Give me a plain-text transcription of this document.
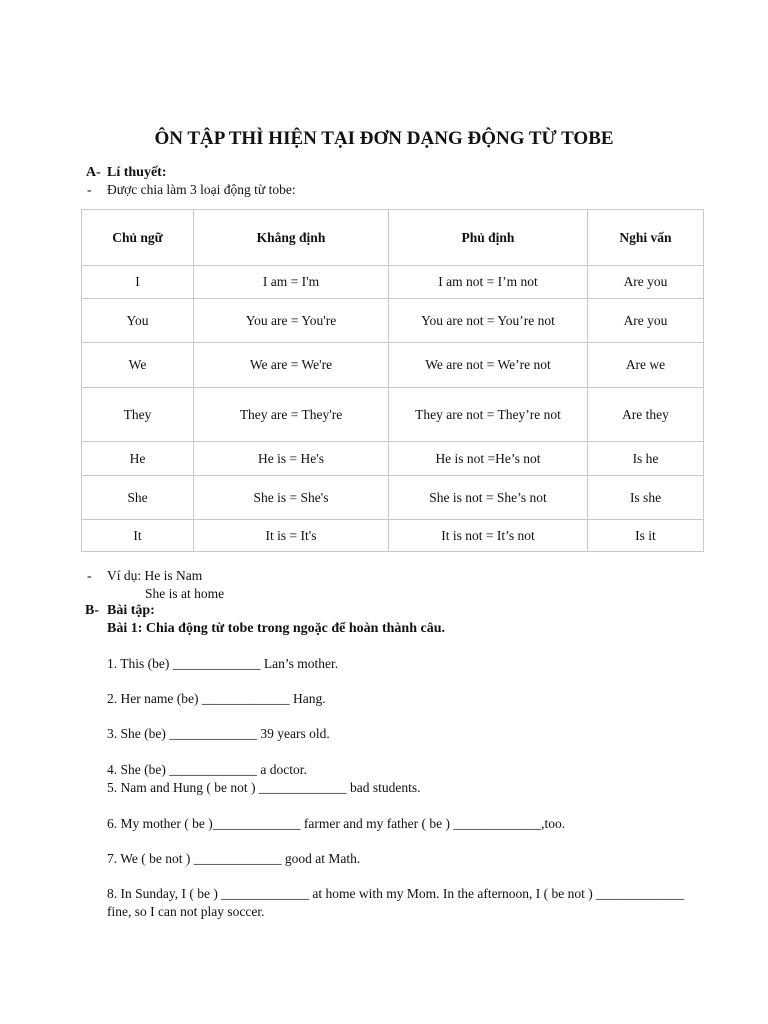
ÔN TẬP THÌ HIỆN TẠI ĐƠN DẠNG ĐỘNG TỪ TOBE
A- Lí thuyết:
- Được chia làm 3 loại động từ tobe:
Chủ ngữ	Khẳng định	Phủ định	Nghi vấn
I	I am = I'm	I am not = I’m not	Are you
You	You are = You're	You are not = You’re not	Are you
We	We are = We're	We are not = We’re not	Are we
They	They are = They're	They are not = They’re not	Are they
He	He is = He's	He is not =He’s not	Is he
She	She is = She's	She is not = She’s not	Is she
It	It is = It's	It is not = It’s not	Is it
- Ví dụ: He is Nam
She is at home
B- Bài tập:
Bài 1: Chia động từ tobe trong ngoặc để hoàn thành câu.
1. This (be) _____________ Lan’s mother.
2. Her name (be) _____________ Hang.
3. She (be) _____________ 39 years old.
4. She (be) _____________ a doctor.
5. Nam and Hung ( be not ) _____________ bad students.
6. My mother ( be )_____________ farmer and my father ( be ) _____________,too.
7. We ( be not ) _____________ good at Math.
8. In Sunday, I ( be ) _____________ at home with my Mom. In the afternoon, I ( be not ) _____________
fine, so I can not play soccer.
